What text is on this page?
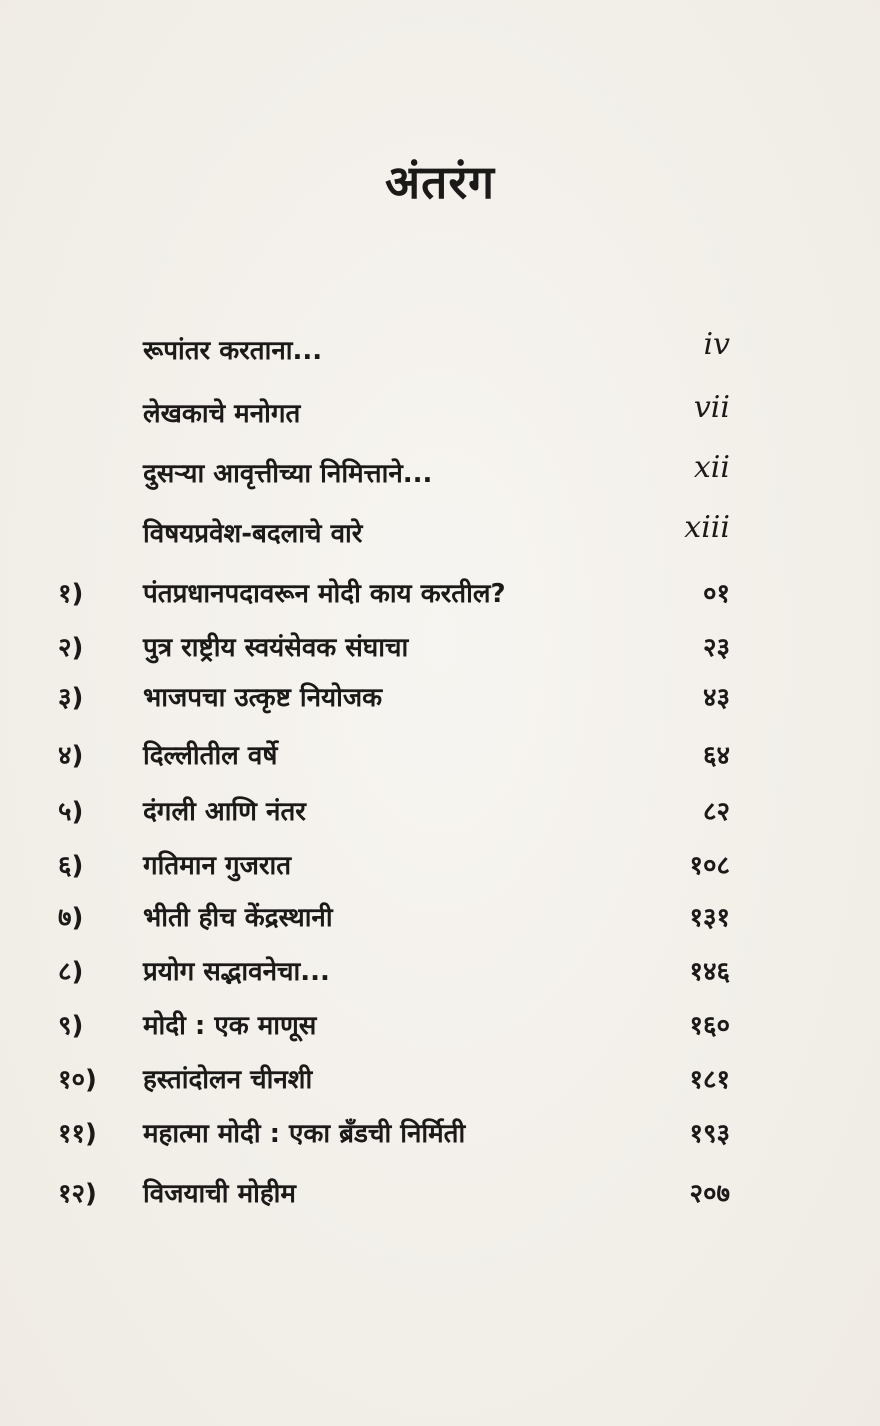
अंतरंग
रूपांतर करताना...	iv
लेखकाचे मनोगत	vii
दुसऱ्या आवृत्तीच्या निमित्ताने...	xii
विषयप्रवेश-बदलाचे वारे	xiii
१) पंतप्रधानपदावरून मोदी काय करतील?	०१
२) पुत्र राष्ट्रीय स्वयंसेवक संघाचा	२३
३) भाजपचा उत्कृष्ट नियोजक	४३
४) दिल्लीतील वर्षे	६४
५) दंगली आणि नंतर	८२
६) गतिमान गुजरात	१०८
७) भीती हीच केंद्रस्थानी	१३१
८) प्रयोग सद्भावनेचा...	१४६
९) मोदी : एक माणूस	१६०
१०) हस्तांदोलन चीनशी	१८१
११) महात्मा मोदी : एका ब्रँडची निर्मिती	१९३
१२) विजयाची मोहीम	२०७
